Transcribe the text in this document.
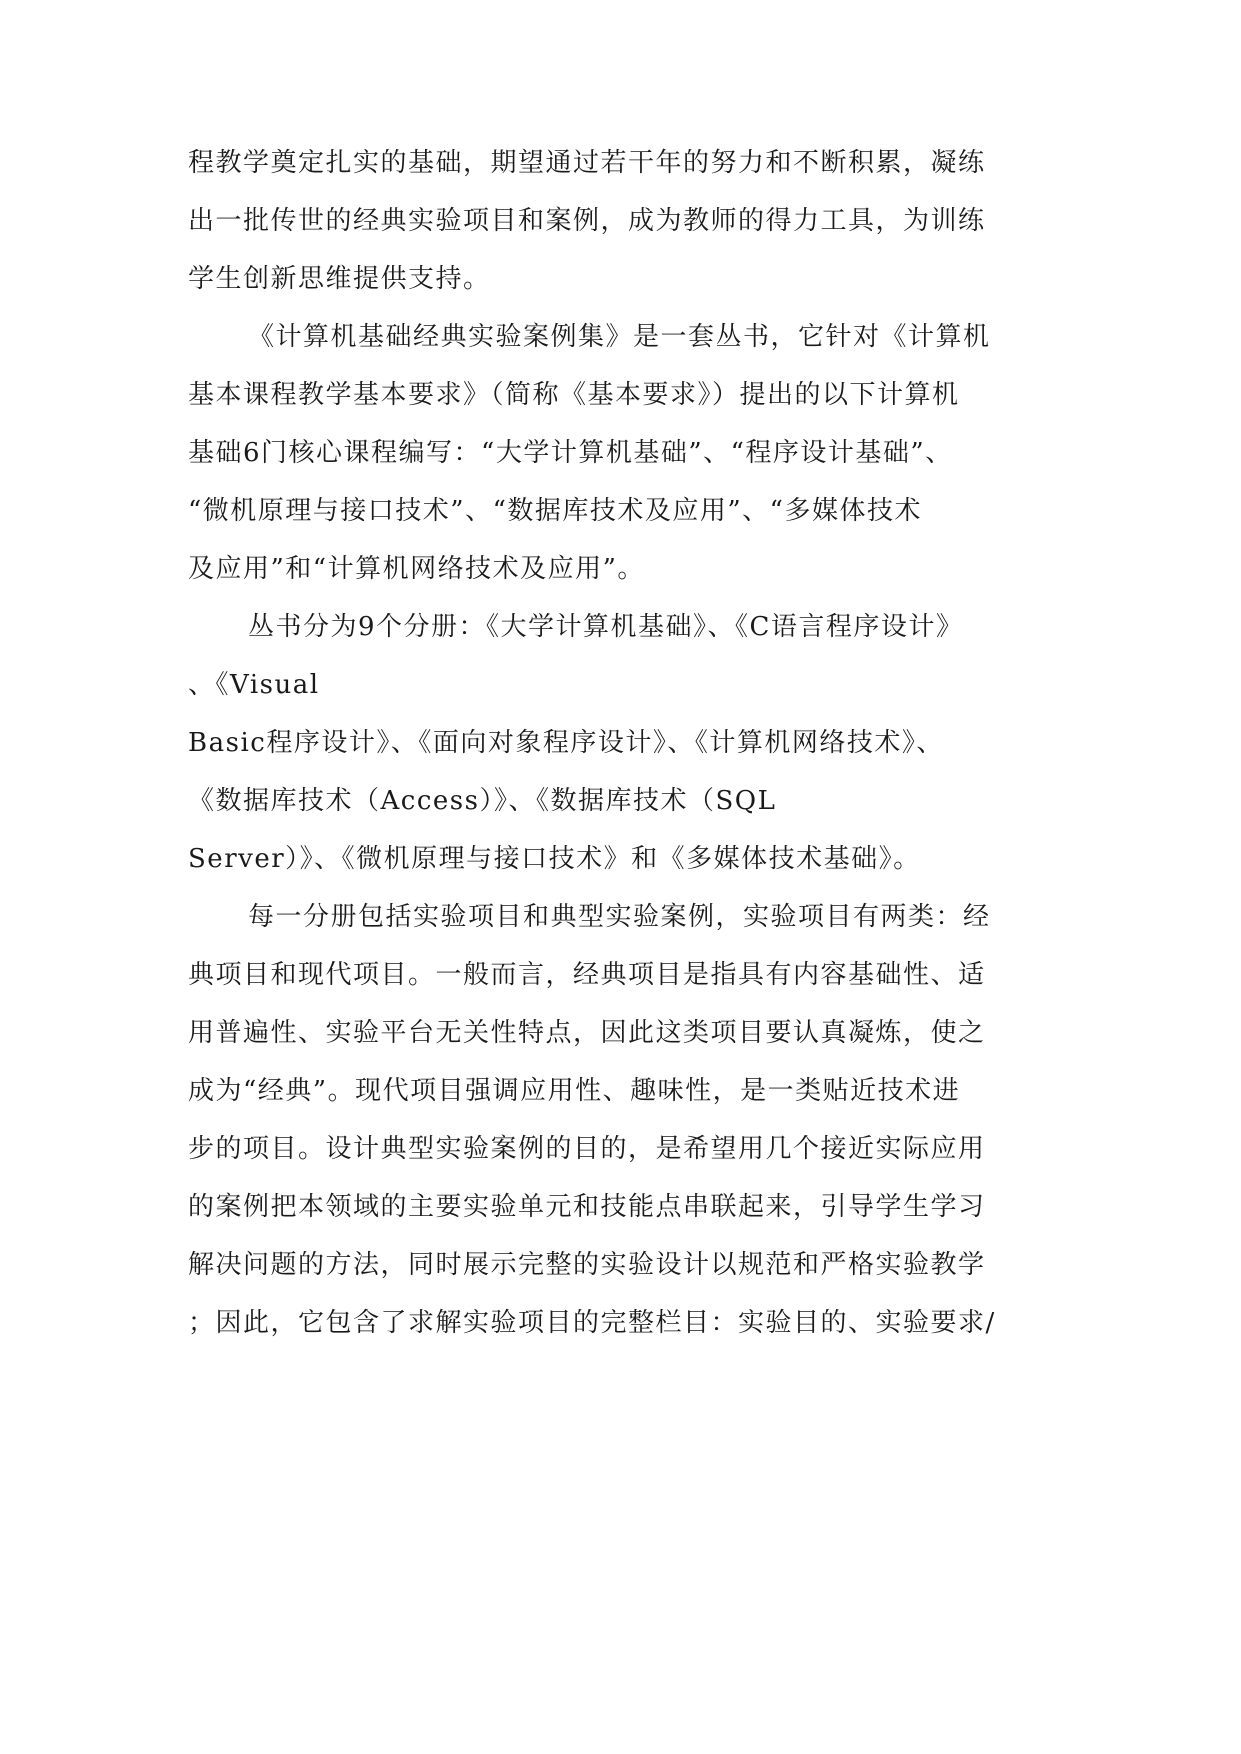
程教学奠定扎实的基础，期望通过若干年的努力和不断积累，凝练
出一批传世的经典实验项目和案例，成为教师的得力工具，为训练
学生创新思维提供支持。
《计算机基础经典实验案例集》是一套丛书，它针对《计算机
基本课程教学基本要求》（简称《基本要求》）提出的以下计算机
基础6门核心课程编写：“大学计算机基础”、“程序设计基础”、
“微机原理与接口技术”、“数据库技术及应用”、“多媒体技术
及应用”和“计算机网络技术及应用”。
丛书分为9个分册：《大学计算机基础》、《C语言程序设计》
、《Visual
Basic程序设计》、《面向对象程序设计》、《计算机网络技术》、
《数据库技术（Access）》、《数据库技术（SQL
Server）》、《微机原理与接口技术》和《多媒体技术基础》。
每一分册包括实验项目和典型实验案例，实验项目有两类：经
典项目和现代项目。一般而言，经典项目是指具有内容基础性、适
用普遍性、实验平台无关性特点，因此这类项目要认真凝炼，使之
成为“经典”。现代项目强调应用性、趣味性，是一类贴近技术进
步的项目。设计典型实验案例的目的，是希望用几个接近实际应用
的案例把本领域的主要实验单元和技能点串联起来，引导学生学习
解决问题的方法，同时展示完整的实验设计以规范和严格实验教学
；因此，它包含了求解实验项目的完整栏目：实验目的、实验要求/
